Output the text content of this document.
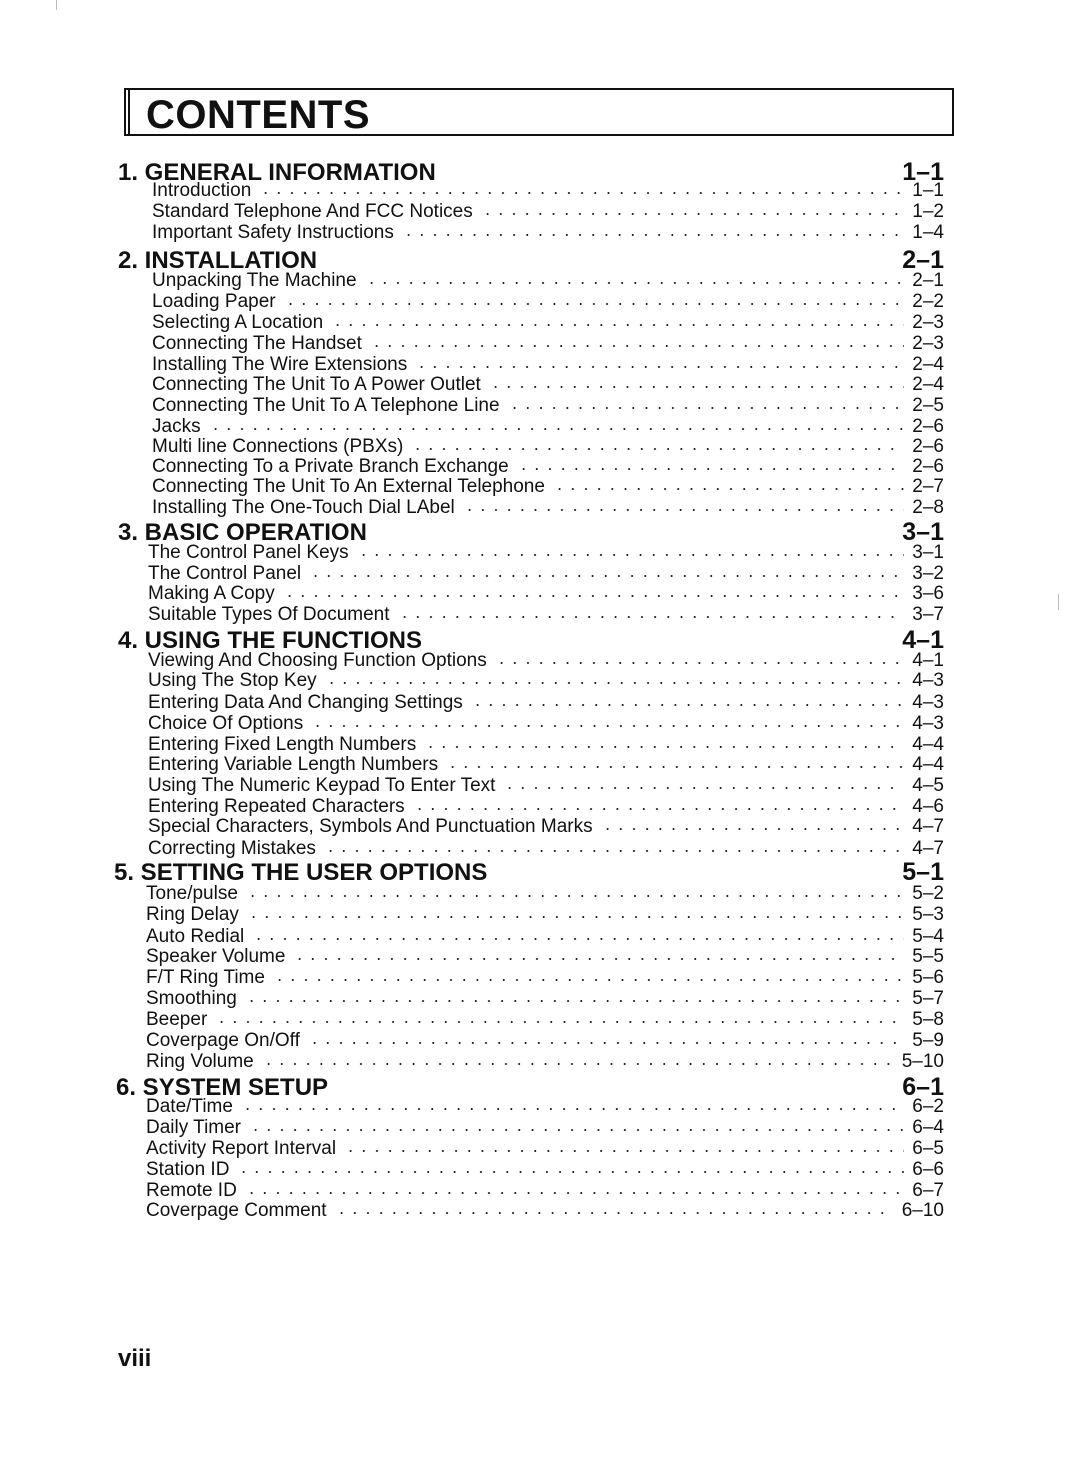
CONTENTS
1. GENERAL INFORMATION	1–1
Introduction	1–1
Standard Telephone And FCC Notices	1–2
Important Safety Instructions	1–4
2. INSTALLATION	2–1
Unpacking The Machine	2–1
Loading Paper	2–2
Selecting A Location	2–3
Connecting The Handset	2–3
Installing The Wire Extensions	2–4
Connecting The Unit To A Power Outlet	2–4
Connecting The Unit To A Telephone Line	2–5
Jacks	2–6
Multi line Connections (PBXs)	2–6
Connecting To a Private Branch Exchange	2–6
Connecting The Unit To An External Telephone	2–7
Installing The One-Touch Dial LAbel	2–8
3. BASIC OPERATION	3–1
The Control Panel Keys	3–1
The Control Panel	3–2
Making A Copy	3–6
Suitable Types Of Document	3–7
4. USING THE FUNCTIONS	4–1
Viewing And Choosing Function Options	4–1
Using The Stop Key	4–3
Entering Data And Changing Settings	4–3
Choice Of Options	4–3
Entering Fixed Length Numbers	4–4
Entering Variable Length Numbers	4–4
Using The Numeric Keypad To Enter Text	4–5
Entering Repeated Characters	4–6
Special Characters, Symbols And Punctuation Marks	4–7
Correcting Mistakes	4–7
5. SETTING THE USER OPTIONS	5–1
Tone/pulse	5–2
Ring Delay	5–3
Auto Redial	5–4
Speaker Volume	5–5
F/T Ring Time	5–6
Smoothing	5–7
Beeper	5–8
Coverpage On/Off	5–9
Ring Volume	5–10
6. SYSTEM SETUP	6–1
Date/Time	6–2
Daily Timer	6–4
Activity Report Interval	6–5
Station ID	6–6
Remote ID	6–7
Coverpage Comment	6–10
viii
